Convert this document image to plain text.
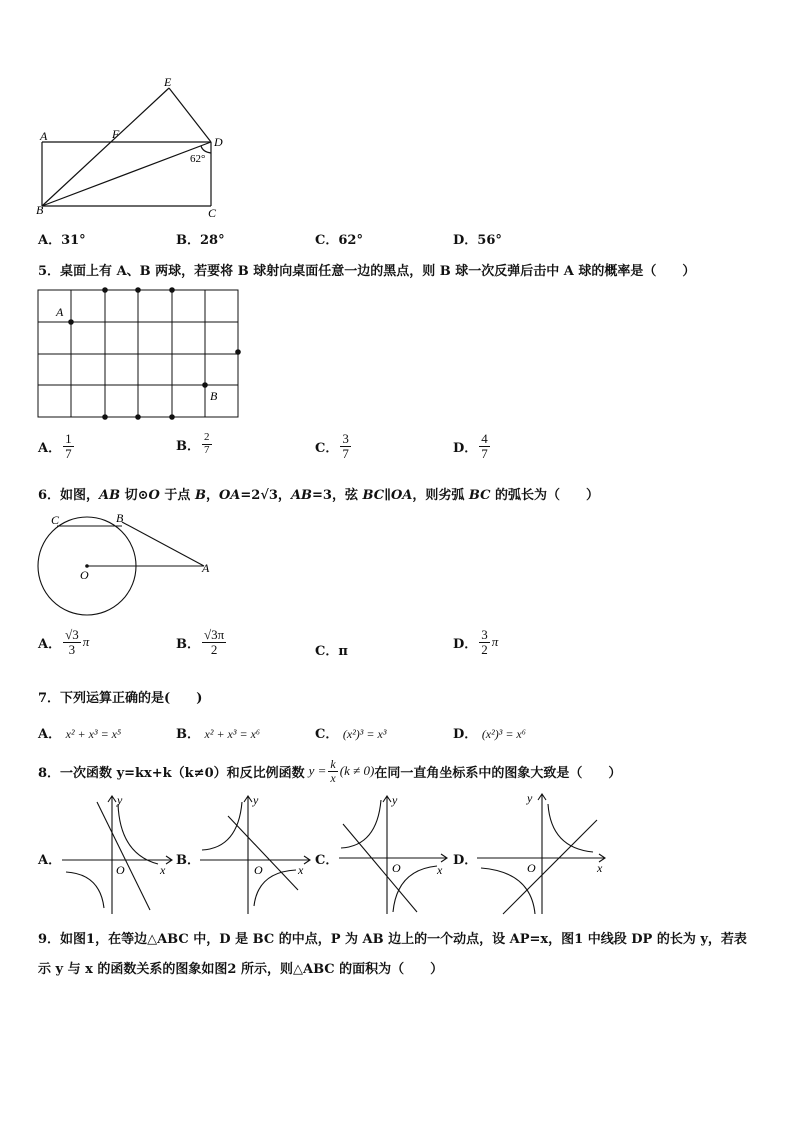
E
A	F
D
62°
B	C
A．31°	B．28°	C．62°	D．56°
5．桌面上有 A、B 两球，若要将 B 球射向桌面任意一边的黑点，则 B 球一次反弹后击中 A 球的概率是（　　）
A
B
A． $\frac{1}{7}$	B． $\frac{2}{7}$	C． $\frac{3}{7}$	D． $\frac{4}{7}$
6．如图，AB 切⊙O 于点 B，OA=2√3，AB=3，弦 BC∥OA，则劣弧 BC 的弧长为（　　）
C	B
O	A
A． $\frac{√3}{3}$ π	B． $\frac{√3\pi}{2}$	C．π	D． $\frac{3}{2}$ π
7．下列运算正确的是(　　)
A． x² + x³ = x⁵	B． x² + x³ = x⁶	C． (x²)³ = x³	D． (x²)³ = x⁶
8．一次函数 y=kx+k（k≠0）和反比例函数 $y = \frac{k}{x} (k \ne 0)$ 在同一直角坐标系中的图象大致是（　　）
A．	B．	C．	D．
y
x
O
y
x
O
y
x
O
y
x
O
9．如图1，在等边△ABC 中，D 是 BC 的中点，P 为 AB 边上的一个动点，设 AP=x，图1 中线段 DP 的长为 y，若表
示 y 与 x 的函数关系的图象如图2 所示，则△ABC 的面积为（　　）
